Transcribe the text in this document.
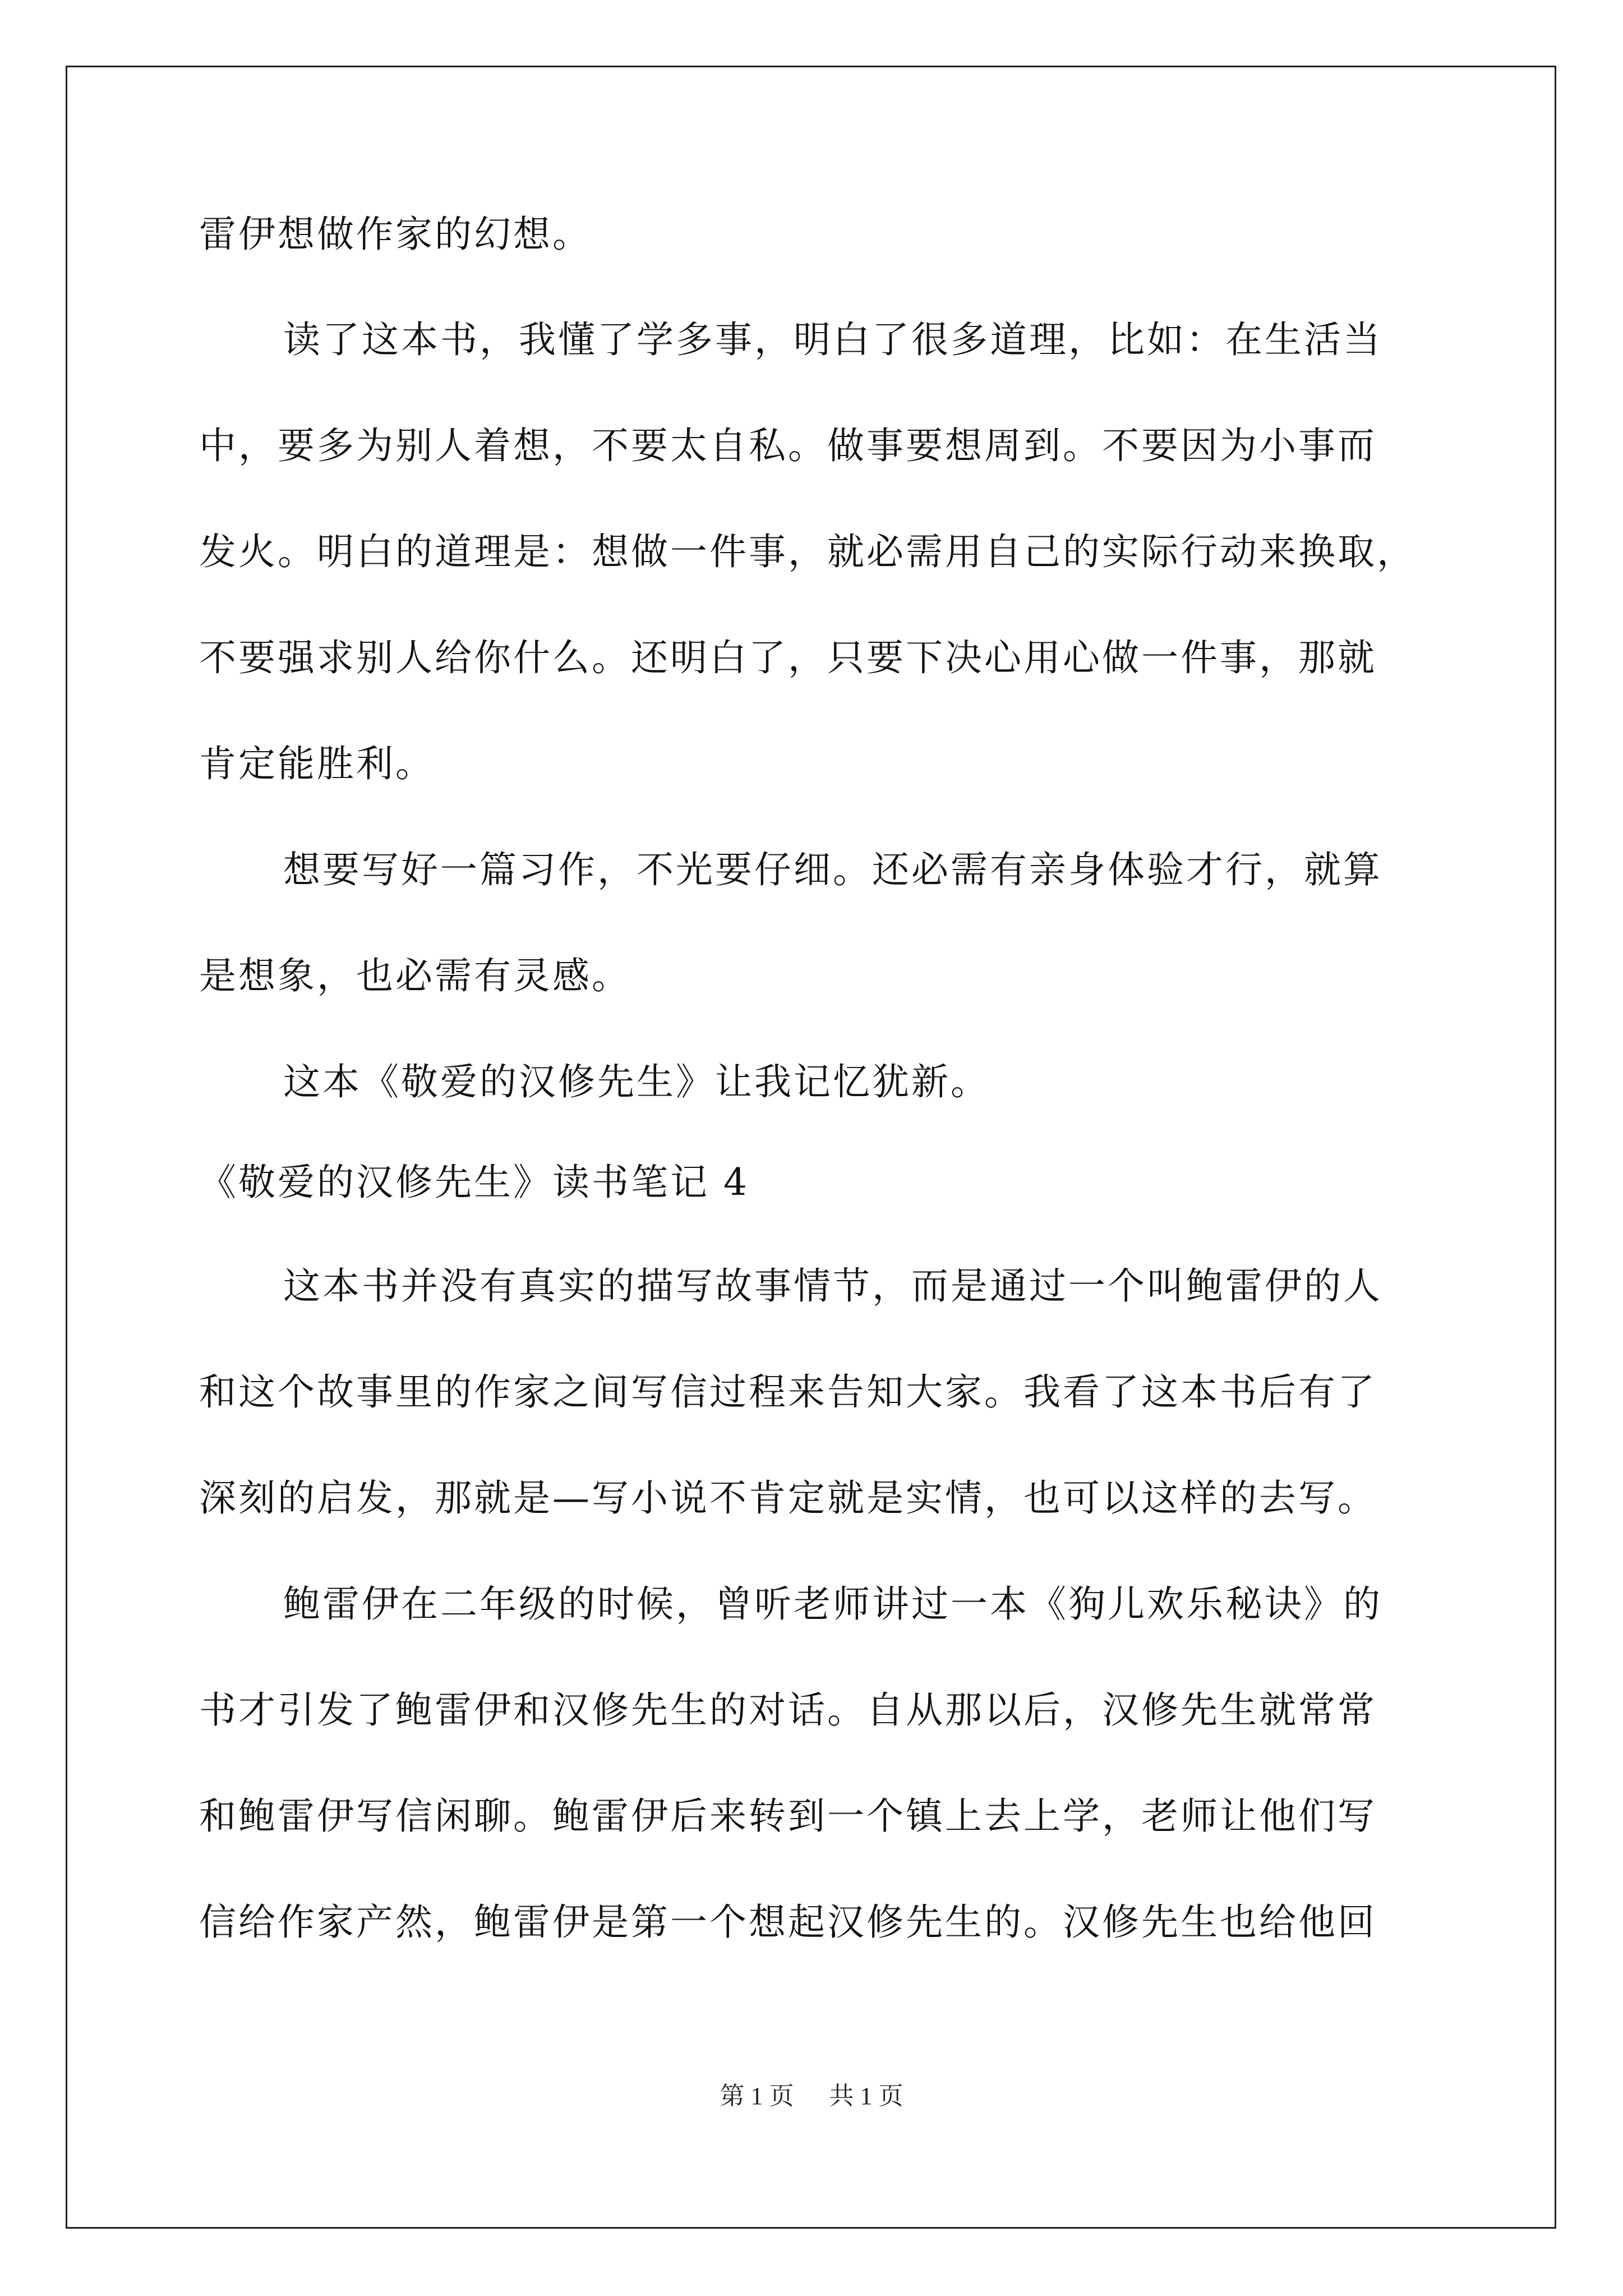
雷伊想做作家的幻想。
读了这本书，我懂了学多事，明白了很多道理，比如：在生活当
中，要多为别人着想，不要太自私。做事要想周到。不要因为小事而
发火。明白的道理是：想做一件事，就必需用自己的实际行动来换取，
不要强求别人给你什么。还明白了，只要下决心用心做一件事，那就
肯定能胜利。
想要写好一篇习作，不光要仔细。还必需有亲身体验才行，就算
是想象，也必需有灵感。
这本《敬爱的汉修先生》让我记忆犹新。
《敬爱的汉修先生》读书笔记 4
这本书并没有真实的描写故事情节，而是通过一个叫鲍雷伊的人
和这个故事里的作家之间写信过程来告知大家。我看了这本书后有了
深刻的启发，那就是—写小说不肯定就是实情，也可以这样的去写。
鲍雷伊在二年级的时候，曾听老师讲过一本《狗儿欢乐秘诀》的
书才引发了鲍雷伊和汉修先生的对话。自从那以后，汉修先生就常常
和鲍雷伊写信闲聊。鲍雷伊后来转到一个镇上去上学，老师让他们写
信给作家产然，鲍雷伊是第一个想起汉修先生的。汉修先生也给他回
第 1 页 共 1 页
